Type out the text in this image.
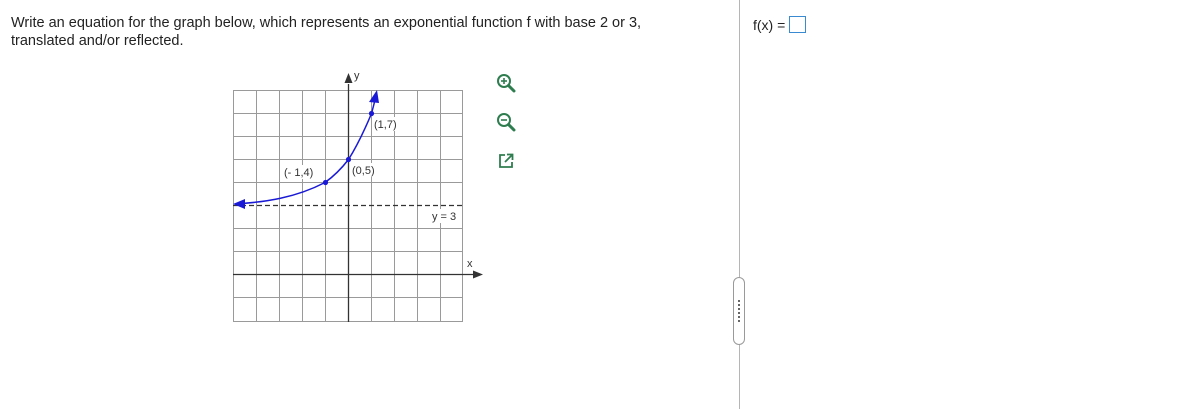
Write an equation for the graph below, which represents an exponential function f with base 2 or 3,
translated and/or reflected.
y
x
y = 3
(- 1,4)	(0,5)
(1,7)
f(x) =
